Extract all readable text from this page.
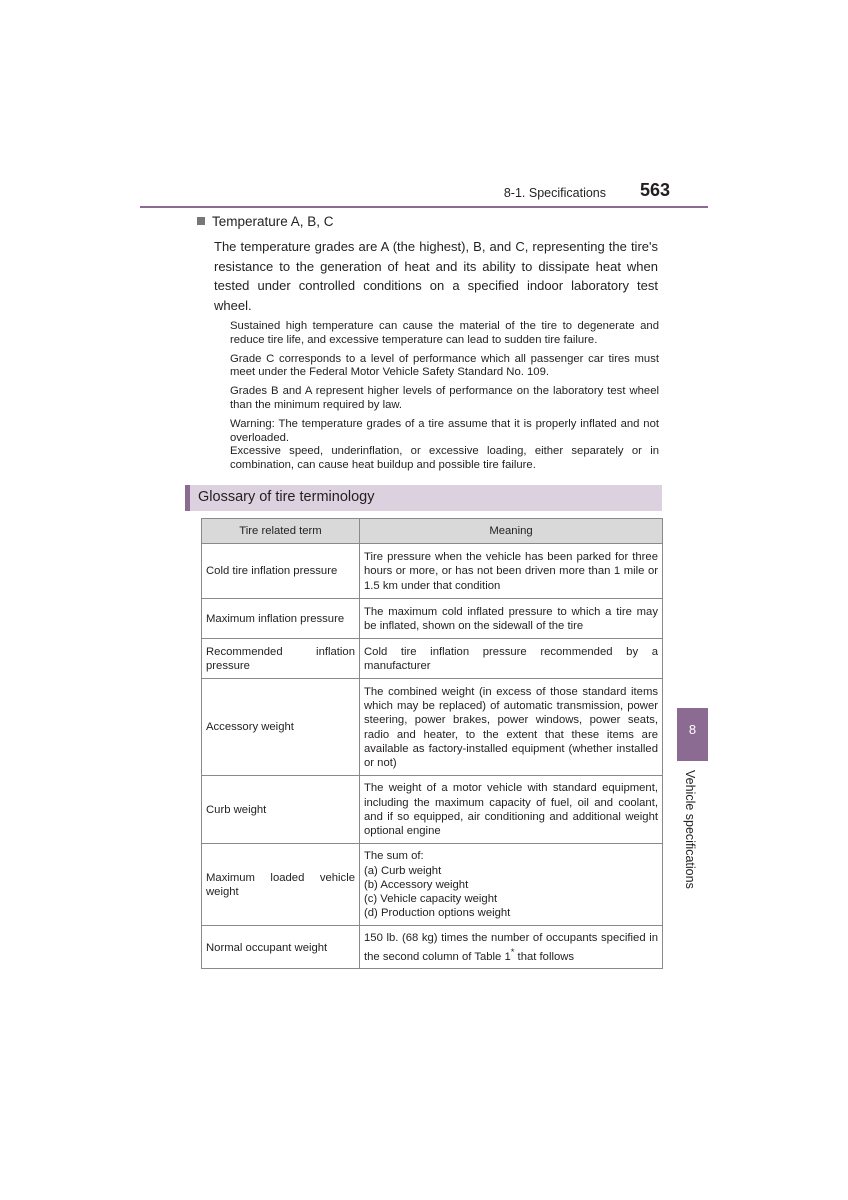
8-1. Specifications 563
Temperature A, B, C
The temperature grades are A (the highest), B, and C, representing the tire's resistance to the generation of heat and its ability to dissipate heat when tested under controlled conditions on a specified indoor laboratory test wheel.

Sustained high temperature can cause the material of the tire to degenerate and reduce tire life, and excessive temperature can lead to sudden tire failure.

Grade C corresponds to a level of performance which all passenger car tires must meet under the Federal Motor Vehicle Safety Standard No. 109.

Grades B and A represent higher levels of performance on the laboratory test wheel than the minimum required by law.

Warning: The temperature grades of a tire assume that it is properly inflated and not overloaded.

Excessive speed, underinflation, or excessive loading, either separately or in combination, can cause heat buildup and possible tire failure.

Glossary of tire terminology
Tire related term	Meaning
Cold tire inflation pressure	Tire pressure when the vehicle has been parked for three hours or more, or has not been driven more than 1 mile or 1.5 km under that condition
Maximum inflation pressure	The maximum cold inflated pressure to which a tire may be inflated, shown on the sidewall of the tire
Recommended inflation pressure	Cold tire inflation pressure recommended by a manufacturer
Accessory weight	The combined weight (in excess of those standard items which may be replaced) of automatic transmission, power steering, power brakes, power windows, power seats, radio and heater, to the extent that these items are available as factory-installed equipment (whether installed or not)
Curb weight	The weight of a motor vehicle with standard equipment, including the maximum capacity of fuel, oil and coolant, and if so equipped, air conditioning and additional weight optional engine
Maximum loaded vehicle weight	The sum of:
(a) Curb weight
(b) Accessory weight
(c) Vehicle capacity weight
(d) Production options weight

Normal occupant weight	150 lb. (68 kg) times the number of occupants specified in the second column of Table 1* that follows
8
Vehicle specifications
